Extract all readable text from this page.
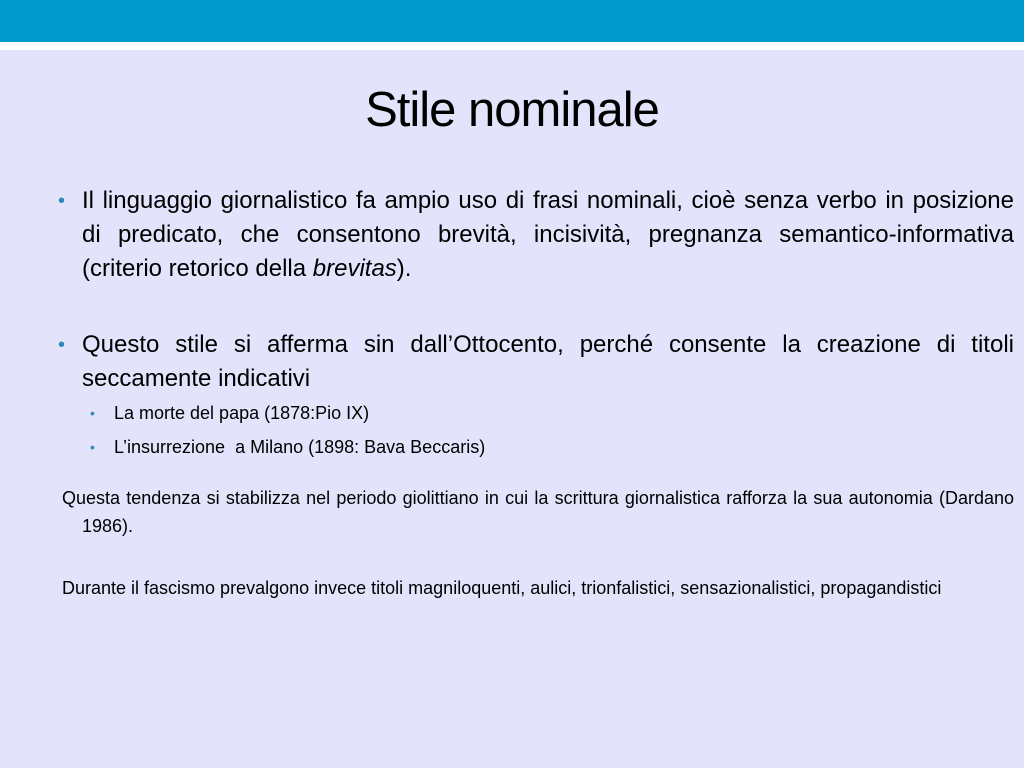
Stile nominale
• Il linguaggio giornalistico fa ampio uso di frasi nominali, cioè senza verbo in posizione di predicato, che consentono brevità, incisività, pregnanza semantico-informativa (criterio retorico della brevitas).
• Questo stile si afferma sin dall’Ottocento, perché consente la creazione di titoli seccamente indicativi
• La morte del papa (1878:Pio IX)
• L’insurrezione  a Milano (1898: Bava Beccaris)
Questa tendenza si stabilizza nel periodo giolittiano in cui la scrittura giornalistica rafforza la sua autonomia (Dardano 1986).
Durante il fascismo prevalgono invece titoli magniloquenti, aulici, trionfalistici, sensazionalistici, propagandistici
